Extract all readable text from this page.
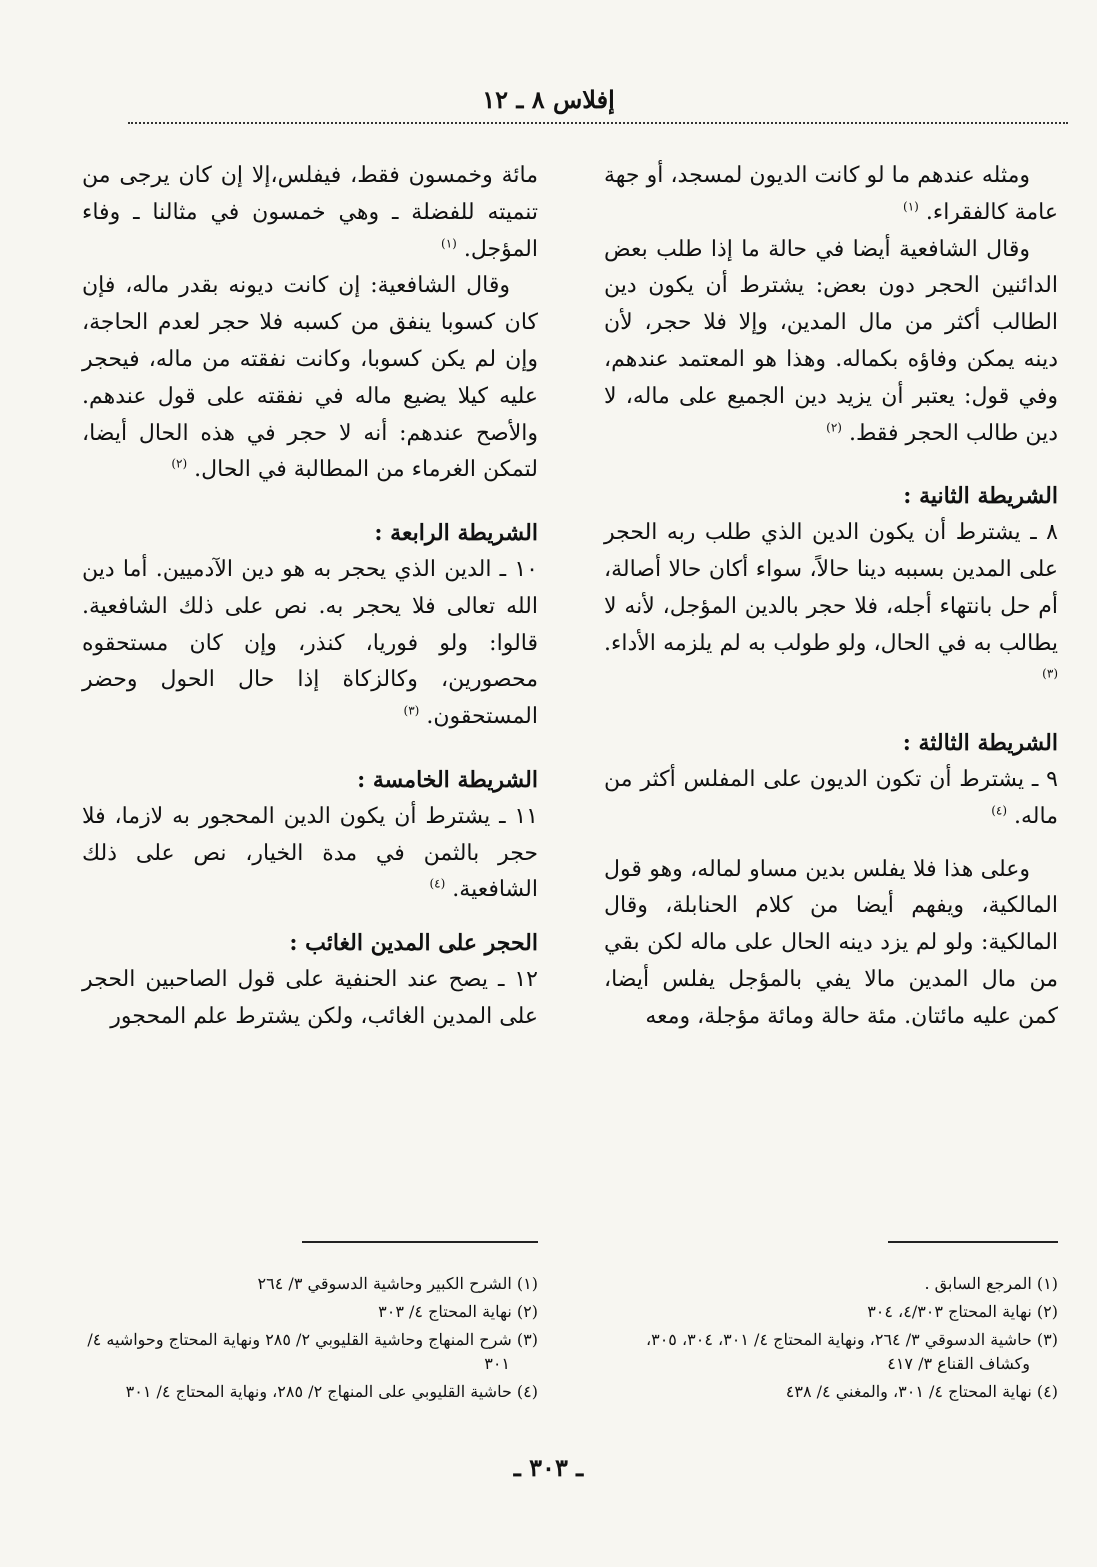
إفلاس ٨ ـ ١٢

ومثله عندهم ما لو كانت الديون لمسجد، أو جهة عامة كالفقراء. $^{(١)}$

وقال الشافعية أيضا في حالة ما إذا طلب بعض الدائنين الحجر دون بعض: يشترط أن يكون دين الطالب أكثر من مال المدين، وإلا فلا حجر، لأن دينه يمكن وفاؤه بكماله. وهذا هو المعتمد عندهم، وفي قول: يعتبر أن يزيد دين الجميع على ماله، لا دين طالب الحجر فقط. $^{(٢)}$

الشريطة الثانية :

٨ ـ يشترط أن يكون الدين الذي طلب ربه الحجر على المدين بسببه دينا حالاً، سواء أكان حالا أصالة، أم حل بانتهاء أجله، فلا حجر بالدين المؤجل، لأنه لا يطالب به في الحال، ولو طولب به لم يلزمه الأداء. $^{(٣)}$

الشريطة الثالثة :

٩ ـ يشترط أن تكون الديون على المفلس أكثر من ماله. $^{(٤)}$

وعلى هذا فلا يفلس بدين مساو لماله، وهو قول المالكية، ويفهم أيضا من كلام الحنابلة، وقال المالكية: ولو لم يزد دينه الحال على ماله لكن بقي من مال المدين مالا يفي بالمؤجل يفلس أيضا، كمن عليه مائتان. مئة حالة ومائة مؤجلة، ومعه

مائة وخمسون فقط، فيفلس،إلا إن كان يرجى من تنميته للفضلة ـ وهي خمسون في مثالنا ـ وفاء المؤجل. $^{(١)}$

وقال الشافعية: إن كانت ديونه بقدر ماله، فإن كان كسوبا ينفق من كسبه فلا حجر لعدم الحاجة، وإن لم يكن كسوبا، وكانت نفقته من ماله، فيحجر عليه كيلا يضيع ماله في نفقته على قول عندهم. والأصح عندهم: أنه لا حجر في هذه الحال أيضا، لتمكن الغرماء من المطالبة في الحال. $^{(٢)}$

الشريطة الرابعة :

١٠ ـ الدين الذي يحجر به هو دين الآدميين. أما دين الله تعالى فلا يحجر به. نص على ذلك الشافعية. قالوا: ولو فوريا، كنذر، وإن كان مستحقوه محصورين، وكالزكاة إذا حال الحول وحضر المستحقون. $^{(٣)}$

الشريطة الخامسة :

١١ ـ يشترط أن يكون الدين المحجور به لازما، فلا حجر بالثمن في مدة الخيار، نص على ذلك الشافعية. $^{(٤)}$

الحجر على المدين الغائب :

١٢ ـ يصح عند الحنفية على قول الصاحبين الحجر على المدين الغائب، ولكن يشترط علم المحجور

(١) المرجع السابق .
(٢) نهاية المحتاج ٤/٣٠٣، ٣٠٤
(٣) حاشية الدسوقي ٣/ ٢٦٤، ونهاية المحتاج ٤/ ٣٠١، ٣٠٤، ٣٠٥، وكشاف القناع ٣/ ٤١٧
(٤) نهاية المحتاج ٤/ ٣٠١، والمغني ٤/ ٤٣٨
(١) الشرح الكبير وحاشية الدسوقي ٣/ ٢٦٤
(٢) نهاية المحتاج ٤/ ٣٠٣
(٣) شرح المنهاج وحاشية القليوبي ٢/ ٢٨٥ ونهاية المحتاج وحواشيه ٤/ ٣٠١
(٤) حاشية القليوبي على المنهاج ٢/ ٢٨٥، ونهاية المحتاج ٤/ ٣٠١
ـ ٣٠٣ ـ
